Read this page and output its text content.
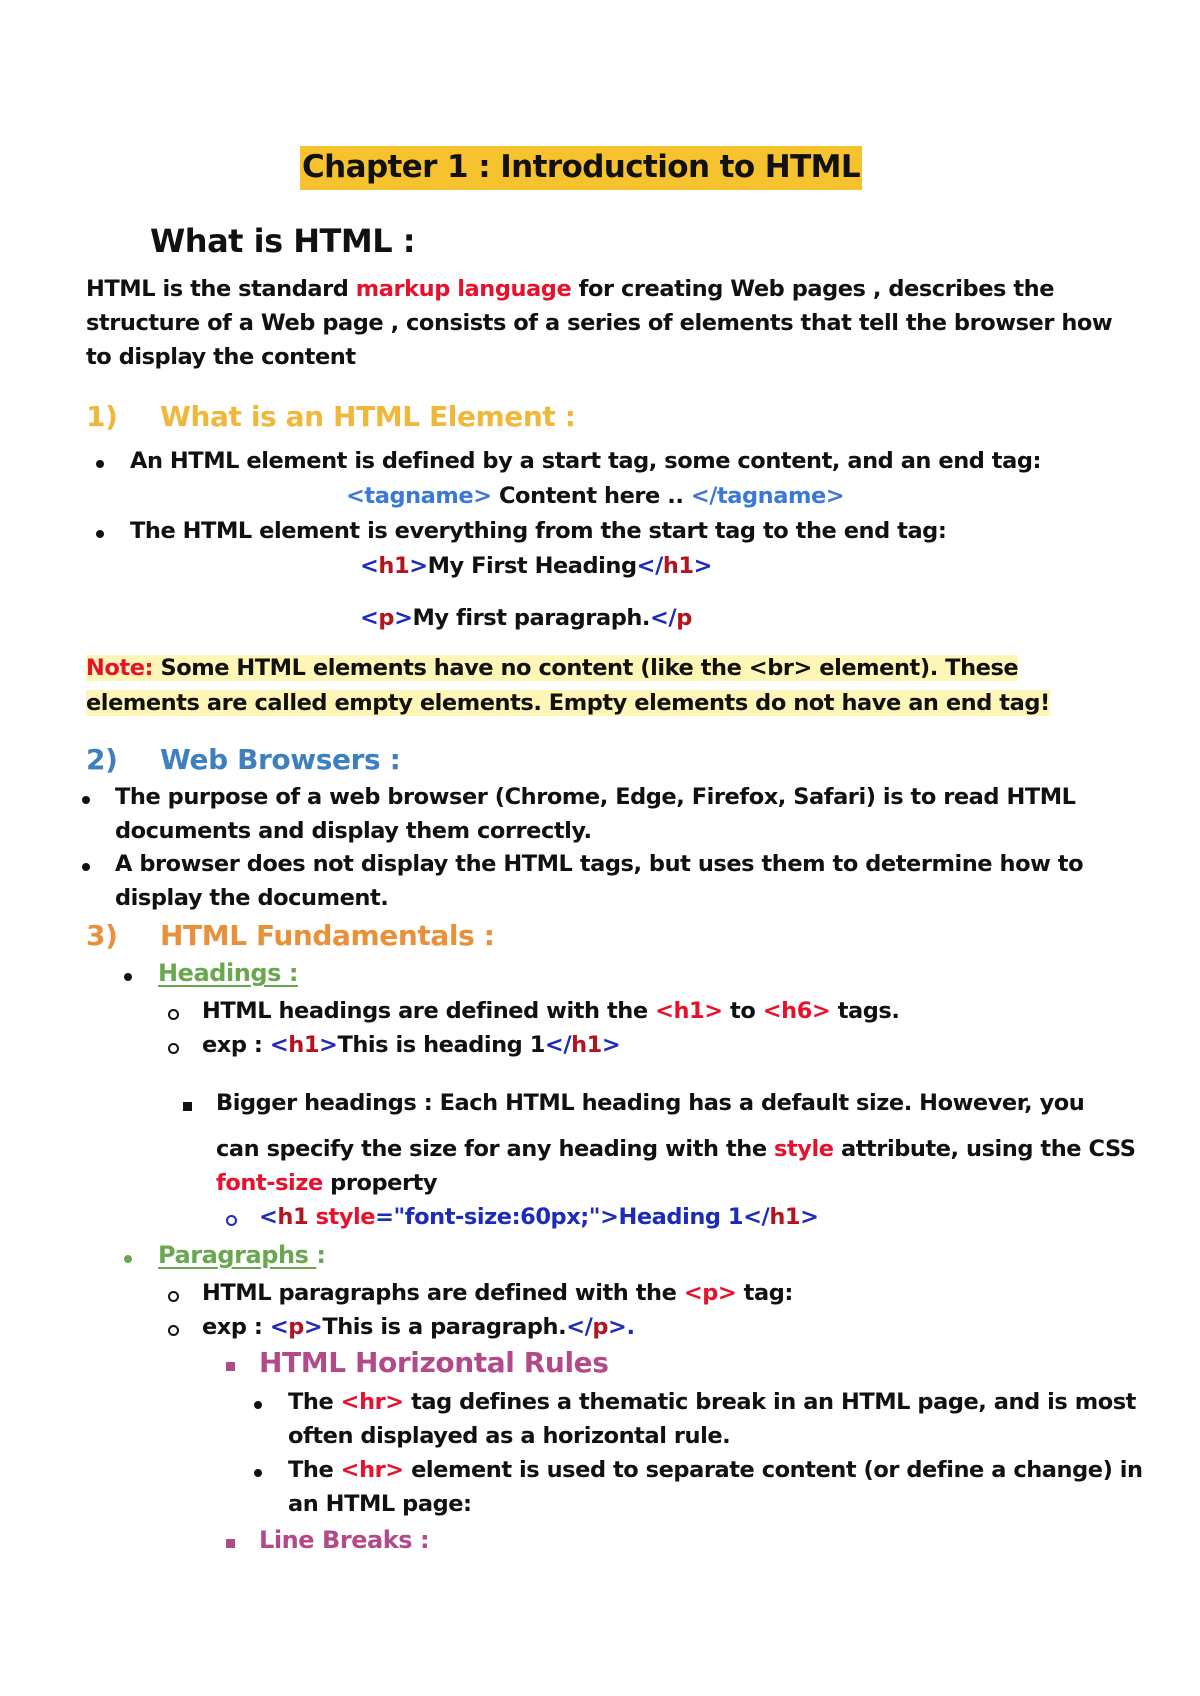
Chapter 1 : Introduction to HTML
What is HTML :
HTML is the standard markup language for creating Web pages , describes the
structure of a Web page , consists of a series of elements that tell the browser how
to display the content
1) What is an HTML Element :
An HTML element is defined by a start tag, some content, and an end tag:
<tagname> Content here .. </tagname>
The HTML element is everything from the start tag to the end tag:
<h1>My First Heading</h1>
<p>My first paragraph.</p
Note: Some HTML elements have no content (like the <br> element). These
elements are called empty elements. Empty elements do not have an end tag!
2) Web Browsers :
The purpose of a web browser (Chrome, Edge, Firefox, Safari) is to read HTML
documents and display them correctly.
A browser does not display the HTML tags, but uses them to determine how to
display the document.
3) HTML Fundamentals :
Headings :
HTML headings are defined with the <h1> to <h6> tags.
exp : <h1>This is heading 1</h1>
Bigger headings : Each HTML heading has a default size. However, you
can specify the size for any heading with the style attribute, using the CSS
font-size property
<h1 style="font-size:60px;">Heading 1</h1>
Paragraphs :
HTML paragraphs are defined with the <p> tag:
exp : <p>This is a paragraph.</p>.
HTML Horizontal Rules
The <hr> tag defines a thematic break in an HTML page, and is most
often displayed as a horizontal rule.
The <hr> element is used to separate content (or define a change) in
an HTML page:
Line Breaks :
